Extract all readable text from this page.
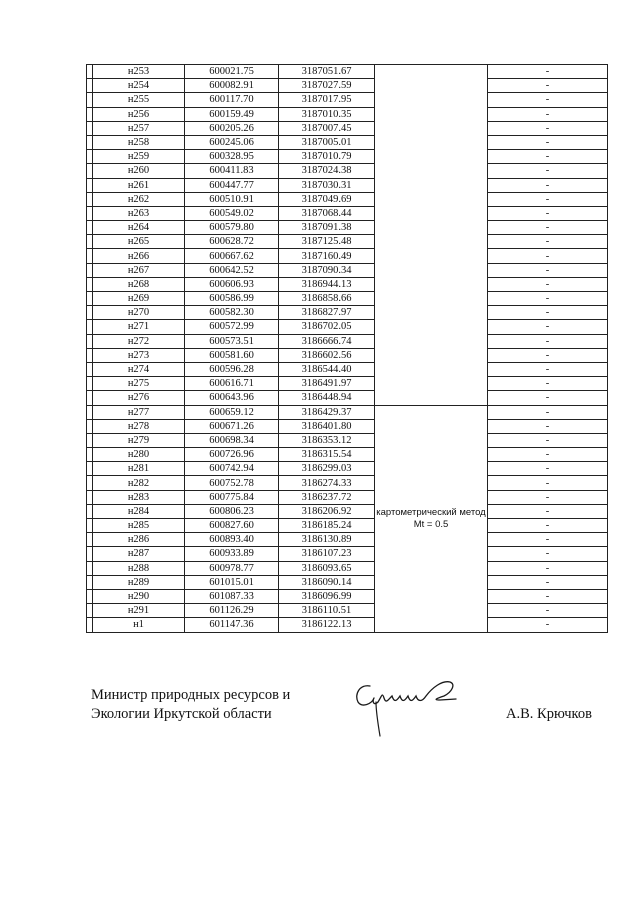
	н253	600021.75	3187051.67		-
	н254	600082.91	3187027.59		-
	н255	600117.70	3187017.95		-
	н256	600159.49	3187010.35		-
	н257	600205.26	3187007.45		-
	н258	600245.06	3187005.01		-
	н259	600328.95	3187010.79		-
	н260	600411.83	3187024.38		-
	н261	600447.77	3187030.31		-
	н262	600510.91	3187049.69		-
	н263	600549.02	3187068.44		-
	н264	600579.80	3187091.38		-
	н265	600628.72	3187125.48		-
	н266	600667.62	3187160.49		-
	н267	600642.52	3187090.34		-
	н268	600606.93	3186944.13		-
	н269	600586.99	3186858.66		-
	н270	600582.30	3186827.97		-
	н271	600572.99	3186702.05		-
	н272	600573.51	3186666.74		-
	н273	600581.60	3186602.56		-
	н274	600596.28	3186544.40		-
	н275	600616.71	3186491.97		-
	н276	600643.96	3186448.94		-
	н277	600659.12	3186429.37	картометрический метод Mt = 0.5	-
	н278	600671.26	3186401.80		-
	н279	600698.34	3186353.12		-
	н280	600726.96	3186315.54		-
	н281	600742.94	3186299.03		-
	н282	600752.78	3186274.33		-
	н283	600775.84	3186237.72		-
	н284	600806.23	3186206.92		-
	н285	600827.60	3186185.24		-
	н286	600893.40	3186130.89		-
	н287	600933.89	3186107.23		-
	н288	600978.77	3186093.65		-
	н289	601015.01	3186090.14		-
	н290	601087.33	3186096.99		-
	н291	601126.29	3186110.51		-
	н1	601147.36	3186122.13		-
Министр природных ресурсов и
Экологии Иркутской области	А.В. Крючков
